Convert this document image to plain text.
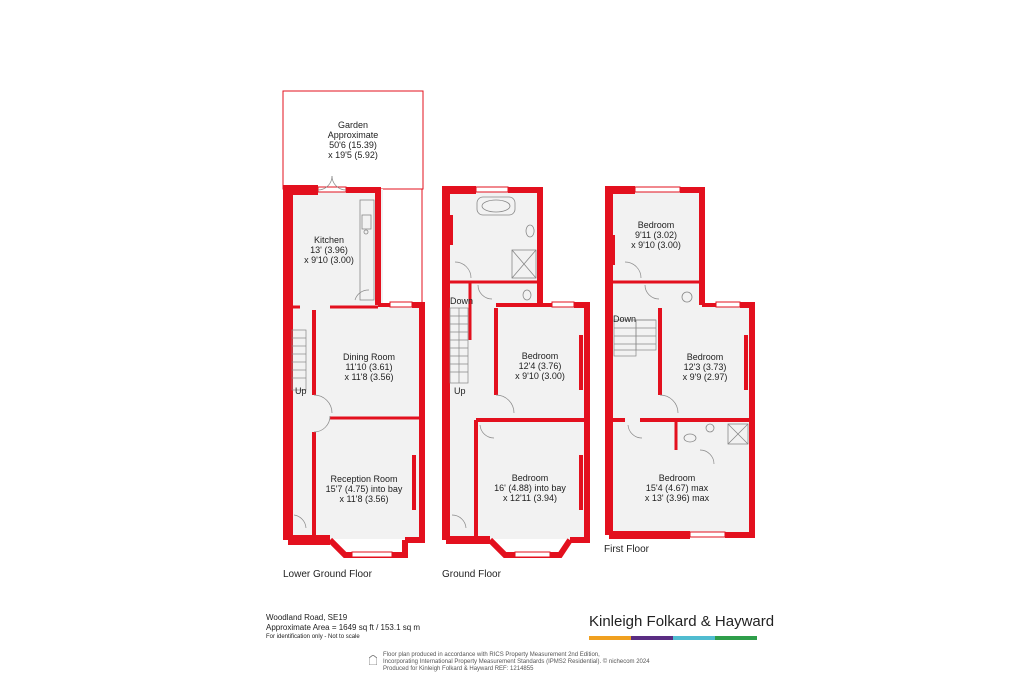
Garden Approximate 50'6 (15.39) x 19'5 (5.92)
Kitchen 13' (3.96) x 9'10 (3.00)
Dining Room 11'10 (3.61) x 11'8 (3.56)
Reception Room 15'7 (4.75) into bay x 11'8 (3.56)
Up
Lower Ground Floor
Bedroom 12'4 (3.76) x 9'10 (3.00)
Bedroom 16' (4.88) into bay x 12'11 (3.94)
Down
Up
Ground Floor
Bedroom 9'11 (3.02) x 9'10 (3.00)
Bedroom 12'3 (3.73) x 9'9 (2.97)
Bedroom 15'4 (4.67) max x 13' (3.96) max
Down
First Floor
Woodland Road, SE19
Approximate Area = 1649 sq ft / 153.1 sq m
For identification only - Not to scale
Kinleigh Folkard & Hayward
Floor plan produced in accordance with RICS Property Measurement 2nd Edition,
Incorporating International Property Measurement Standards (IPMS2 Residential). © nichecom 2024
Produced for Kinleigh Folkard & Hayward REF: 1214855
